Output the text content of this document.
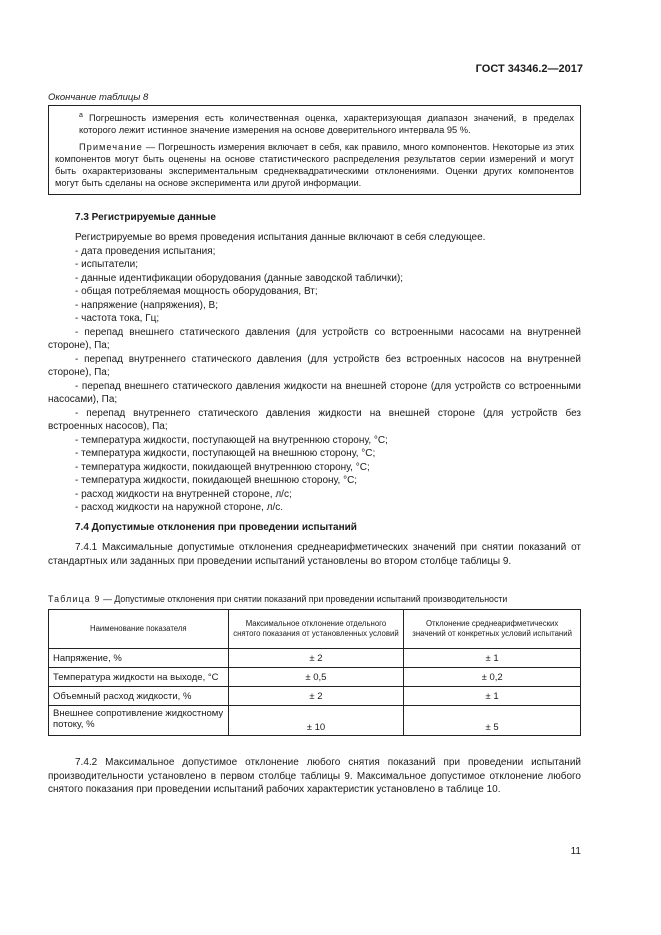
ГОСТ 34346.2—2017
Окончание таблицы 8

$^a$ Погрешность измерения есть количественная оценка, характеризующая диапазон значений, в пределах которого лежит истинное значение измерения на основе доверительного интервала 95 %.

Примечание — Погрешность измерения включает в себя, как правило, много компонентов. Некоторые из этих компонентов могут быть оценены на основе статистического распределения результатов серии измерений и могут быть охарактеризованы экспериментальным среднеквадратическими отклонениями. Оценки других компонентов могут быть сделаны на основе эксперимента или другой информации.

7.3 Регистрируемые данные

Регистрируемые во время проведения испытания данные включают в себя следующее.

- дата проведения испытания;

- испытатели;

- данные идентификации оборудования (данные заводской таблички);

- общая потребляемая мощность оборудования, Вт;

- напряжение (напряжения), В;

- частота тока, Гц;

- перепад внешнего статического давления (для устройств со встроенными насосами на внутренней стороне), Па;

- перепад внутреннего статического давления (для устройств без встроенных насосов на внутренней стороне), Па;

- перепад внешнего статического давления жидкости на внешней стороне (для устройств со встроенными насосами), Па;

- перепад внутреннего статического давления жидкости на внешней стороне (для устройств без встроенных насосов), Па;

- температура жидкости, поступающей на внутреннюю сторону, °С;

- температура жидкости, поступающей на внешнюю сторону, °С;

- температура жидкости, покидающей внутреннюю сторону, °С;

- температура жидкости, покидающей внешнюю сторону, °С;

- расход жидкости на внутренней стороне, л/с;

- расход жидкости на наружной стороне, л/с.

7.4 Допустимые отклонения при проведении испытаний

7.4.1 Максимальные допустимые отклонения среднеарифметических значений при снятии показаний от стандартных или заданных при проведении испытаний установлены во втором столбце таблицы 9.

Таблица 9 — Допустимые отклонения при снятии показаний при проведении испытаний производительности
Наименование показателя	Максимальное отклонение отдельного снятого показания от установленных условий	Отклонение среднеарифметических значений от конкретных условий испытаний
Напряжение, %	± 2	± 1
Температура жидкости на выходе, °С	± 0,5	± 0,2
Объемный расход жидкости, %	± 2	± 1
Внешнее сопротивление жидкостному потоку, %	± 10	± 5

7.4.2 Максимальное допустимое отклонение любого снятия показаний при проведении испытаний производительности установлено в первом столбце таблицы 9. Максимальное допустимое отклонение любого снятого показания при проведении испытаний рабочих характеристик установлено в таблице 10.

11
